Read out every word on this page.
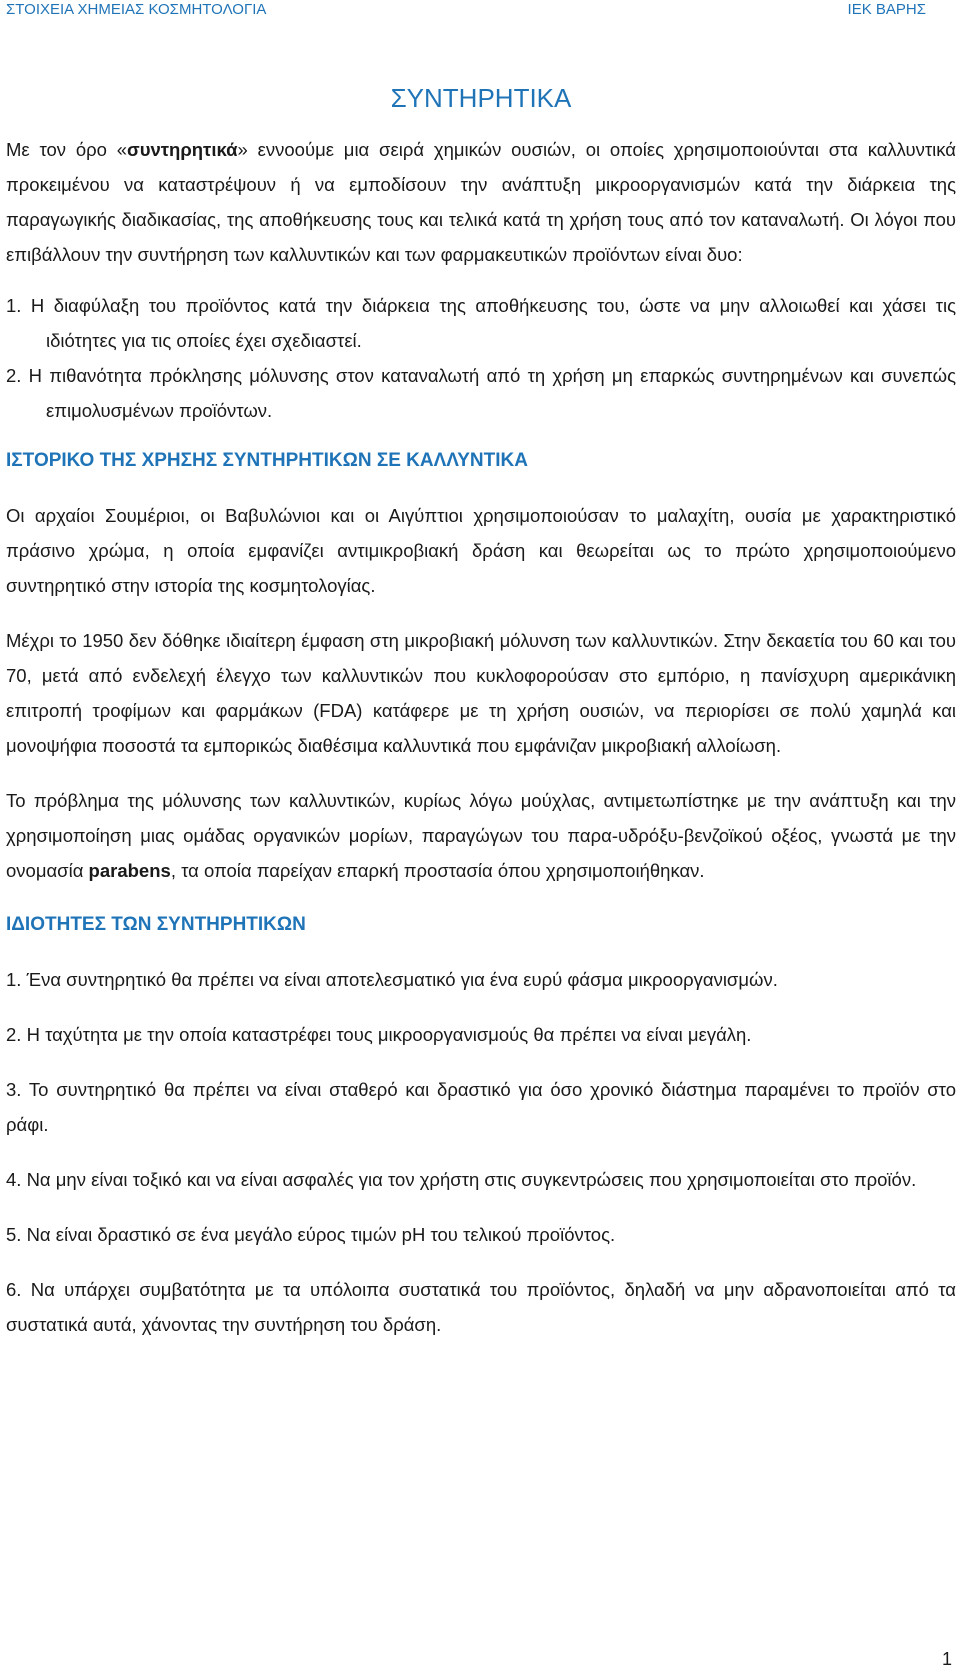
ΣΤΟΙΧΕΙΑ ΧΗΜΕΙΑΣ ΚΟΣΜΗΤΟΛΟΓΙΑ	ΙΕΚ ΒΑΡΗΣ
ΣΥΝΤΗΡΗΤΙΚΑ

Με τον όρο «συντηρητικά» εννοούμε μια σειρά χημικών ουσιών, οι οποίες χρησιμοποιούνται στα καλλυντικά προκειμένου να καταστρέψουν ή να εμποδίσουν την ανάπτυξη μικροοργανισμών κατά την διάρκεια της παραγωγικής διαδικασίας, της αποθήκευσης τους και τελικά κατά τη χρήση τους από τον καταναλωτή. Οι λόγοι που επιβάλλουν την συντήρηση των καλλυντικών και των φαρμακευτικών προϊόντων είναι δυο:

1. Η διαφύλαξη του προϊόντος κατά την διάρκεια της αποθήκευσης του, ώστε να μην αλλοιωθεί και χάσει τις ιδιότητες για τις οποίες έχει σχεδιαστεί.
2. Η πιθανότητα πρόκλησης μόλυνσης στον καταναλωτή από τη χρήση μη επαρκώς συντηρημένων και συνεπώς επιμολυσμένων προϊόντων.
ΙΣΤΟΡΙΚΟ ΤΗΣ ΧΡΗΣΗΣ ΣΥΝΤΗΡΗΤΙΚΩΝ ΣΕ ΚΑΛΛΥΝΤΙΚΑ

Οι αρχαίοι Σουμέριοι, οι Βαβυλώνιοι και οι Αιγύπτιοι χρησιμοποιούσαν το μαλαχίτη, ουσία με χαρακτηριστικό πράσινο χρώμα, η οποία εμφανίζει αντιμικροβιακή δράση και θεωρείται ως το πρώτο χρησιμοποιούμενο συντηρητικό στην ιστορία της κοσμητολογίας.

Μέχρι το 1950 δεν δόθηκε ιδιαίτερη έμφαση στη μικροβιακή μόλυνση των καλλυντικών. Στην δεκαετία του 60 και του 70, μετά από ενδελεχή έλεγχο των καλλυντικών που κυκλοφορούσαν στο εμπόριο, η πανίσχυρη αμερικάνικη επιτροπή τροφίμων και φαρμάκων (FDA) κατάφερε με τη χρήση ουσιών, να περιορίσει σε πολύ χαμηλά και μονοψήφια ποσοστά τα εμπορικώς διαθέσιμα καλλυντικά που εμφάνιζαν μικροβιακή αλλοίωση.

Το πρόβλημα της μόλυνσης των καλλυντικών, κυρίως λόγω μούχλας, αντιμετωπίστηκε με την ανάπτυξη και την χρησιμοποίηση μιας ομάδας οργανικών μορίων, παραγώγων του παρα-υδρόξυ-βενζοϊκού οξέος, γνωστά με την ονομασία parabens, τα οποία παρείχαν επαρκή προστασία όπου χρησιμοποιήθηκαν.

ΙΔΙΟΤΗΤΕΣ ΤΩΝ ΣΥΝΤΗΡΗΤΙΚΩΝ

1. Ένα συντηρητικό θα πρέπει να είναι αποτελεσματικό για ένα ευρύ φάσμα μικροοργανισμών.

2. Η ταχύτητα με την οποία καταστρέφει τους μικροοργανισμούς θα πρέπει να είναι μεγάλη.

3. Το συντηρητικό θα πρέπει να είναι σταθερό και δραστικό για όσο χρονικό διάστημα παραμένει το προϊόν στο ράφι.

4. Να μην είναι τοξικό και να είναι ασφαλές για τον χρήστη στις συγκεντρώσεις που χρησιμοποιείται στο προϊόν.

5. Να είναι δραστικό σε ένα μεγάλο εύρος τιμών pH του τελικού προϊόντος.

6. Να υπάρχει συμβατότητα με τα υπόλοιπα συστατικά του προϊόντος, δηλαδή να μην αδρανοποιείται από τα συστατικά αυτά, χάνοντας την συντήρηση του δράση.

1
